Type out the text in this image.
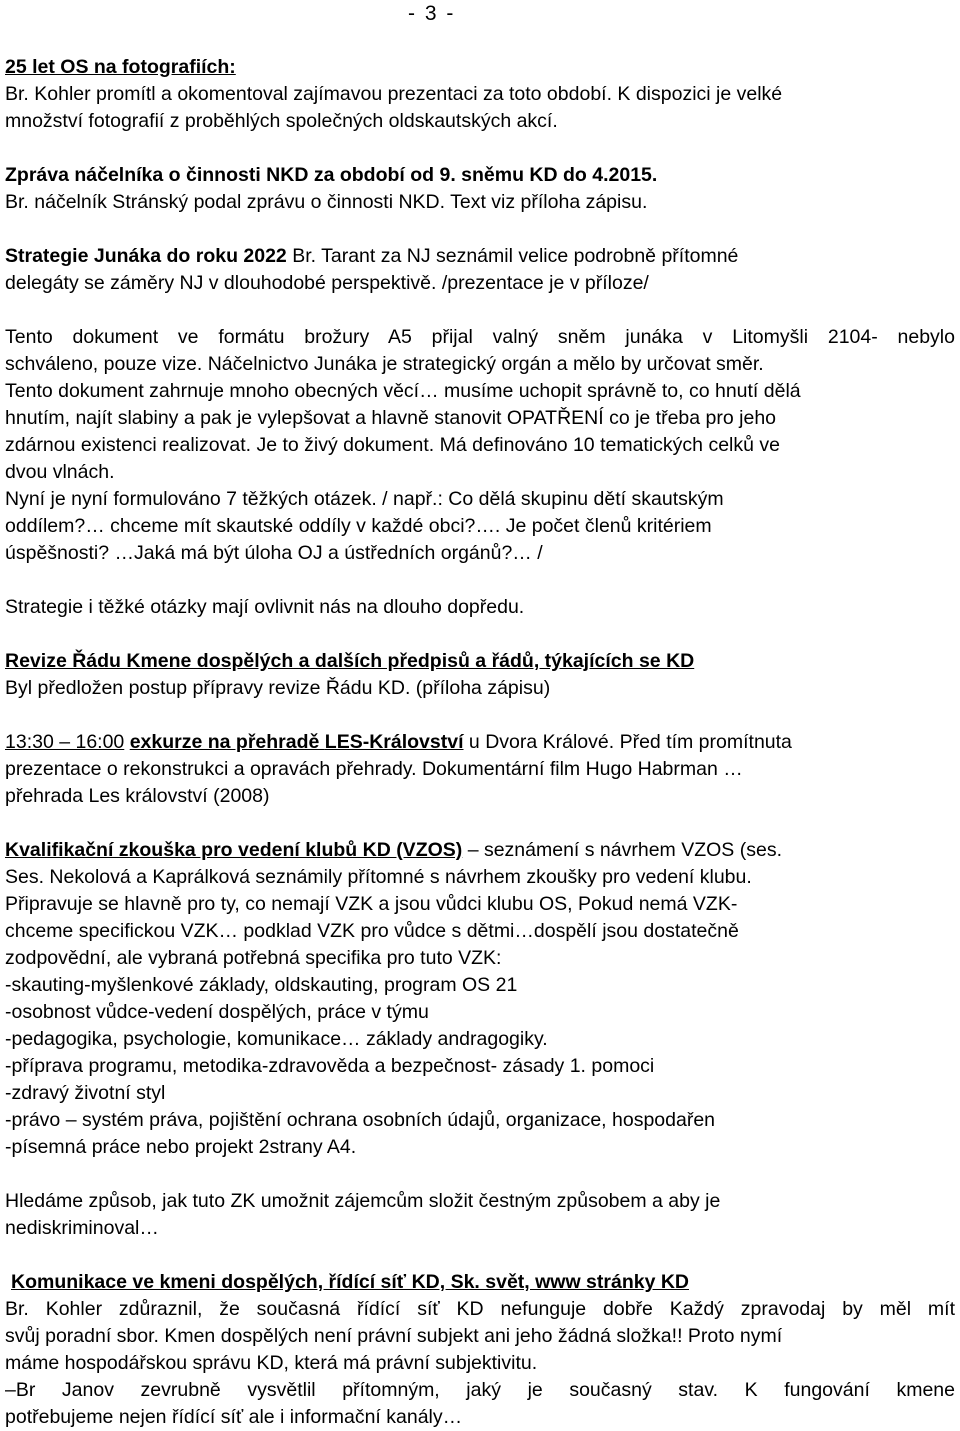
- 3 -

25 let OS na fotografiích:

Br. Kohler promítl a okomentoval zajímavou prezentaci za toto období. K dispozici je velké

množství fotografií z proběhlých společných oldskautských akcí.

Zpráva náčelníka o činnosti NKD za období od 9. sněmu KD do 4.2015.

Br. náčelník Stránský podal zprávu o činnosti NKD. Text viz příloha zápisu.

Strategie Junáka do roku 2022 Br. Tarant za NJ seznámil velice podrobně přítomné

delegáty se záměry NJ v dlouhodobé perspektivě. /prezentace je v příloze/

Tento dokument ve formátu brožury A5 přijal valný sněm junáka v Litomyšli 2104- nebylo

schváleno, pouze vize. Náčelnictvo Junáka je strategický orgán a mělo by určovat směr.

Tento dokument zahrnuje mnoho obecných věcí… musíme uchopit správně to, co hnutí dělá

hnutím, najít slabiny a pak je vylepšovat a hlavně stanovit OPATŘENÍ co je třeba pro jeho

zdárnou existenci realizovat. Je to živý dokument. Má definováno 10 tematických celků ve

dvou vlnách.

Nyní je nyní formulováno 7 těžkých otázek. / např.: Co dělá skupinu dětí skautským

oddílem?… chceme mít skautské oddíly v každé obci?…. Je počet členů kritériem

úspěšnosti? …Jaká má být úloha OJ a ústředních orgánů?… /

Strategie i těžké otázky mají ovlivnit nás na dlouho dopředu.

Revize Řádu Kmene dospělých a dalších předpisů a řádů, týkajících se KD

Byl předložen postup přípravy revize Řádu KD. (příloha zápisu)

13:30 – 16:00 exkurze na přehradě LES-Království u Dvora Králové. Před tím promítnuta

prezentace o rekonstrukci a opravách přehrady. Dokumentární film Hugo Habrman …

přehrada Les království (2008)

Kvalifikační zkouška pro vedení klubů KD (VZOS) – seznámení s návrhem VZOS (ses.

Ses. Nekolová a Kaprálková seznámily přítomné s návrhem zkoušky pro vedení klubu.

Připravuje se hlavně pro ty, co nemají VZK a jsou vůdci klubu OS, Pokud nemá VZK-

chceme specifickou VZK… podklad VZK pro vůdce s dětmi…dospělí jsou dostatečně

zodpovědní, ale vybraná potřebná specifika pro tuto VZK:

-skauting-myšlenkové základy, oldskauting, program OS 21

-osobnost vůdce-vedení dospělých, práce v týmu

-pedagogika, psychologie, komunikace… základy andragogiky.

-příprava programu, metodika-zdravověda a bezpečnost- zásady 1. pomoci

-zdravý životní styl

-právo – systém práva, pojištění ochrana osobních údajů, organizace, hospodařen

-písemná práce nebo projekt 2strany A4.

Hledáme způsob, jak tuto ZK umožnit zájemcům složit čestným způsobem a aby je

nediskriminoval…

Komunikace ve kmeni dospělých, řídící síť KD, Sk. svět, www stránky KD

Br. Kohler zdůraznil, že současná řídící síť KD nefunguje dobře Každý zpravodaj by měl mít

svůj poradní sbor. Kmen dospělých není právní subjekt ani jeho žádná složka!! Proto nymí

máme hospodářskou správu KD, která má právní subjektivitu.

–Br Janov zevrubně vysvětlil přítomným, jaký je současný stav. K fungování kmene

potřebujeme nejen řídící síť ale i informační kanály…
